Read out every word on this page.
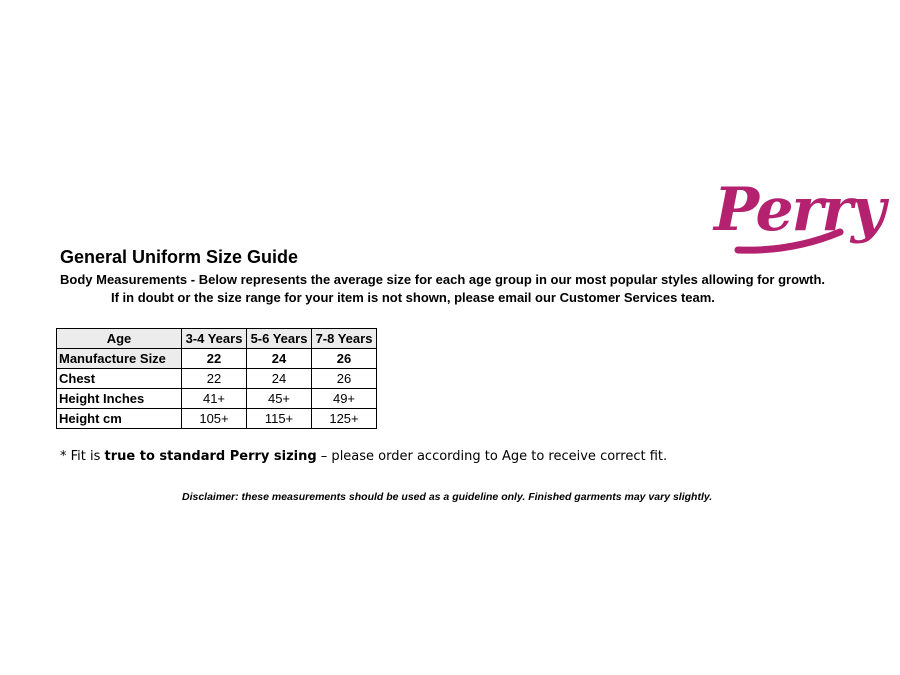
Perry
General Uniform Size Guide
Body Measurements - Below represents the average size for each age group in our most popular styles allowing for growth.
If in doubt or the size range for your item is not shown, please email our Customer Services team.
Age	3-4 Years	5-6 Years	7-8 Years
Manufacture Size	22	24	26
Chest	22	24	26
Height Inches	41+	45+	49+
Height cm	105+	115+	125+
* Fit is true to standard Perry sizing – please order according to Age to receive correct fit.
Disclaimer: these measurements should be used as a guideline only. Finished garments may vary slightly.
